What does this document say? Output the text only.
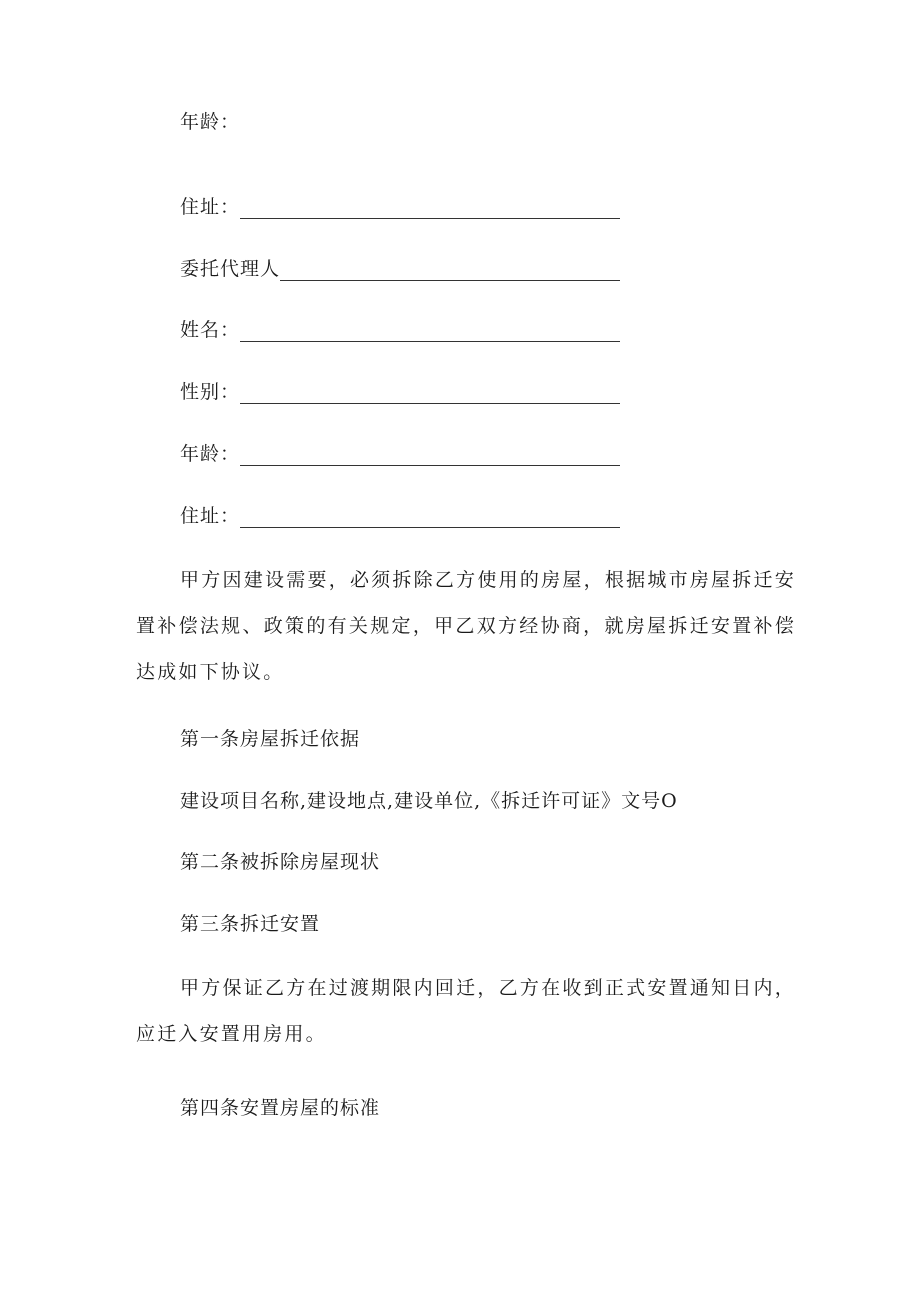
年龄：
住址：
委托代理人
姓名：
性别：
年龄：
住址：

甲方因建设需要，必须拆除乙方使用的房屋，根据城市房屋拆迁安置补偿法规、政策的有关规定，甲乙双方经协商，就房屋拆迁安置补偿达成如下协议。

第一条房屋拆迁依据
建设项目名称,建设地点,建设单位,《拆迁许可证》文号O
第二条被拆除房屋现状
第三条拆迁安置

甲方保证乙方在过渡期限内回迁，乙方在收到正式安置通知日内，应迁入安置用房用。

第四条安置房屋的标准
